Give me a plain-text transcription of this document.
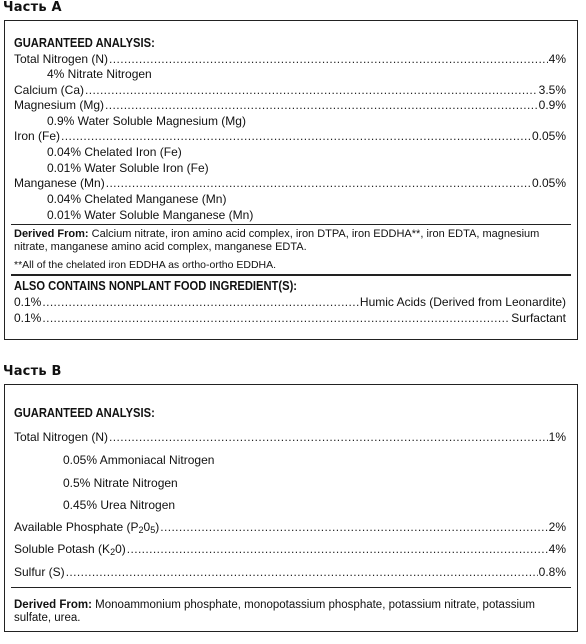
Часть A
GUARANTEED ANALYSIS:
Total Nitrogen (N) .....	4%
4% Nitrate Nitrogen
Calcium (Ca) .....	3.5%
Magnesium (Mg) .....	0.9%
0.9% Water Soluble Magnesium (Mg)
Iron (Fe) .....	0.05%
0.04% Chelated Iron (Fe)
0.01% Water Soluble Iron (Fe)
Manganese (Mn) .....	0.05%
0.04% Chelated Manganese (Mn)
0.01% Water Soluble Manganese (Mn)
Derived From: Calcium nitrate, iron amino acid complex, iron DTPA, iron EDDHA**, iron EDTA, magnesium nitrate, manganese amino acid complex, manganese EDTA.
**All of the chelated iron EDDHA as ortho-ortho EDDHA.
ALSO CONTAINS NONPLANT FOOD INGREDIENT(S):
0.1% .....	Humic Acids (Derived from Leonardite)
0.1% .....	Surfactant
Часть B
GUARANTEED ANALYSIS:
Total Nitrogen (N) .....	1%
0.05% Ammoniacal Nitrogen
0.5% Nitrate Nitrogen
0.45% Urea Nitrogen
Available Phosphate $(P_20_5)$ .....	2%
Soluble Potash $(K_20)$ .....	4%
Sulfur (S) .....	0.8%
Derived From: Monoammonium phosphate, monopotassium phosphate, potassium nitrate, potassium sulfate, urea.
